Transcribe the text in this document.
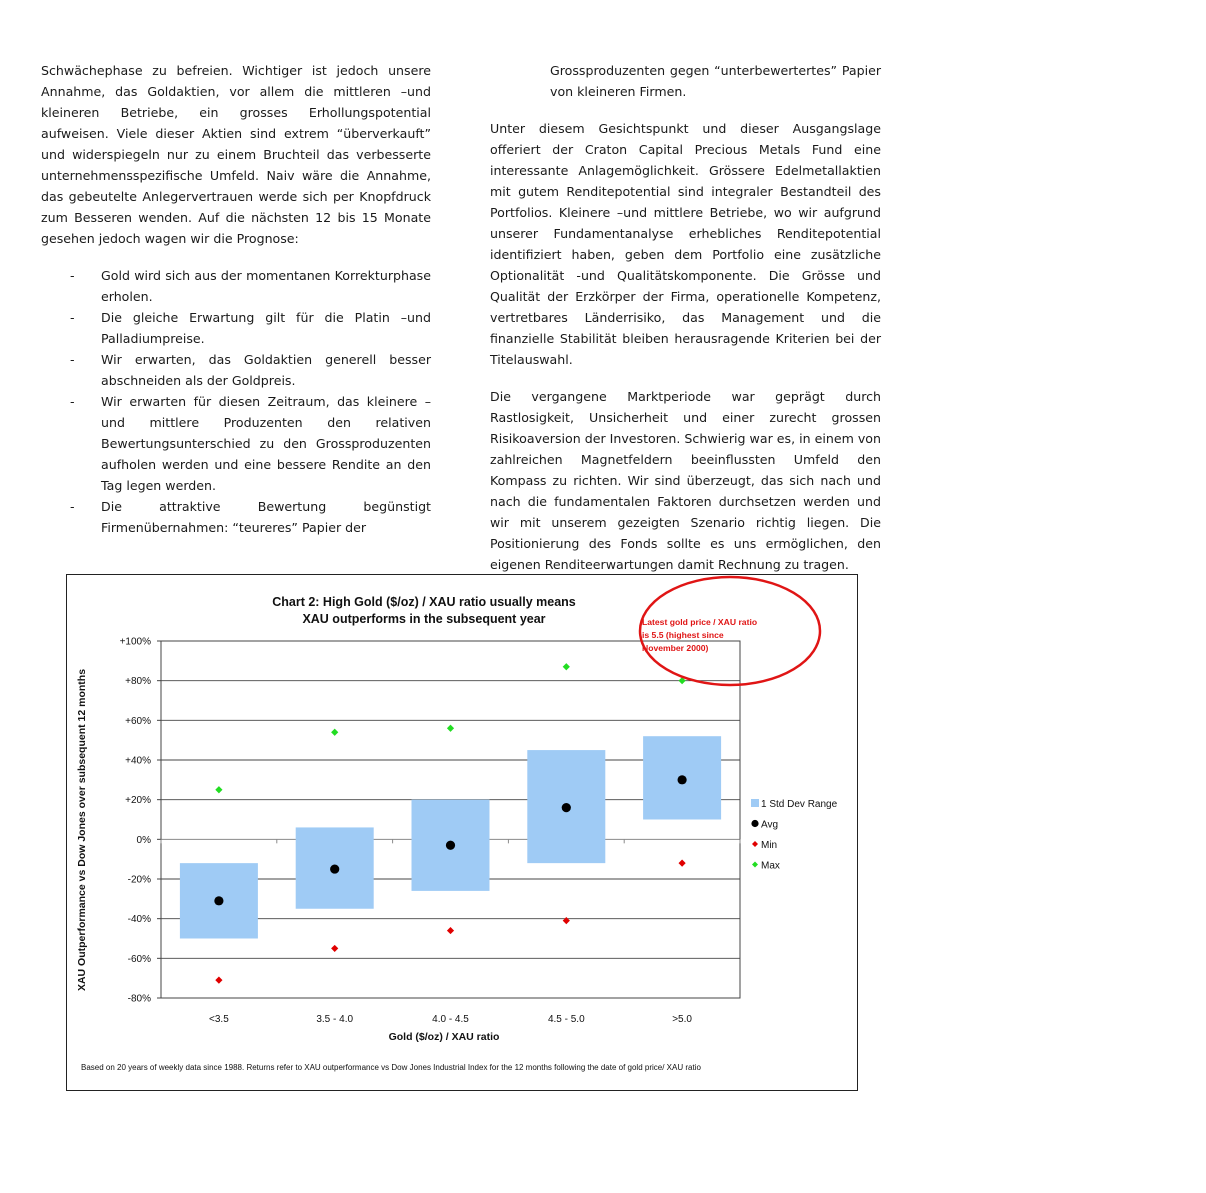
Schwächephase zu befreien. Wichtiger ist jedoch unsere Annahme, das Goldaktien, vor allem die mittleren –und kleineren Betriebe, ein grosses Erhollungspotential aufweisen. Viele dieser Aktien sind extrem “überverkauft” und widerspiegeln nur zu einem Bruchteil das verbesserte unternehmensspezifische Umfeld. Naiv wäre die Annahme, das gebeutelte Anlegervertrauen werde sich per Knopfdruck zum Besseren wenden. Auf die nächsten 12 bis 15 Monate gesehen jedoch wagen wir die Prognose:

- Gold wird sich aus der momentanen Korrekturphase erholen.
- Die gleiche Erwartung gilt für die Platin –und Palladiumpreise.
- Wir erwarten, das Goldaktien generell besser abschneiden als der Goldpreis.
- Wir erwarten für diesen Zeitraum, das kleinere – und mittlere Produzenten den relativen Bewertungsunterschied zu den Grossproduzenten aufholen werden und eine bessere Rendite an den Tag legen werden.
- Die attraktive Bewertung begünstigt Firmenübernahmen: “teureres” Papier der

Grossproduzenten gegen “unterbewertertes” Papier von kleineren Firmen.

Unter diesem Gesichtspunkt und dieser Ausgangslage offeriert der Craton Capital Precious Metals Fund eine interessante Anlagemöglichkeit. Grössere Edelmetallaktien mit gutem Renditepotential sind integraler Bestandteil des Portfolios. Kleinere –und mittlere Betriebe, wo wir aufgrund unserer Fundamentanalyse erhebliches Renditepotential identifiziert haben, geben dem Portfolio eine zusätzliche Optionalität -und Qualitätskomponente. Die Grösse und Qualität der Erzkörper der Firma, operationelle Kompetenz, vertretbares Länderrisiko, das Management und die finanzielle Stabilität bleiben herausragende Kriterien bei der Titelauswahl.

Die vergangene Marktperiode war geprägt durch Rastlosigkeit, Unsicherheit und einer zurecht grossen Risikoaversion der Investoren. Schwierig war es, in einem von zahlreichen Magnetfeldern beeinflussten Umfeld den Kompass zu richten. Wir sind überzeugt, das sich nach und nach die fundamentalen Faktoren durchsetzen werden und wir mit unserem gezeigten Szenario richtig liegen. Die Positionierung des Fonds sollte es uns ermöglichen, den eigenen Renditeerwartungen damit Rechnung zu tragen.

Chart 2: High Gold ($/oz) / XAU ratio usually means
XAU outperforms in the subsequent year
XAU Outperformance vs Dow Jones over subsequent 12 months
Gold ($/oz) / XAU ratio
Based on 20 years of weekly data since 1988. Returns refer to XAU outperformance vs Dow Jones Industrial Index for the 12 months following the date of gold price/ XAU ratio
+100%
+80%
+60%
+40%
+20%
0%
-20%
-40%
-60%
-80%
<3.5	3.5 - 4.0	4.0 - 4.5	4.5 - 5.0	>5.0
1 Std Dev Range
Avg
Min
Max
Latest gold price / XAU ratio
is 5.5 (highest since
November 2000)
